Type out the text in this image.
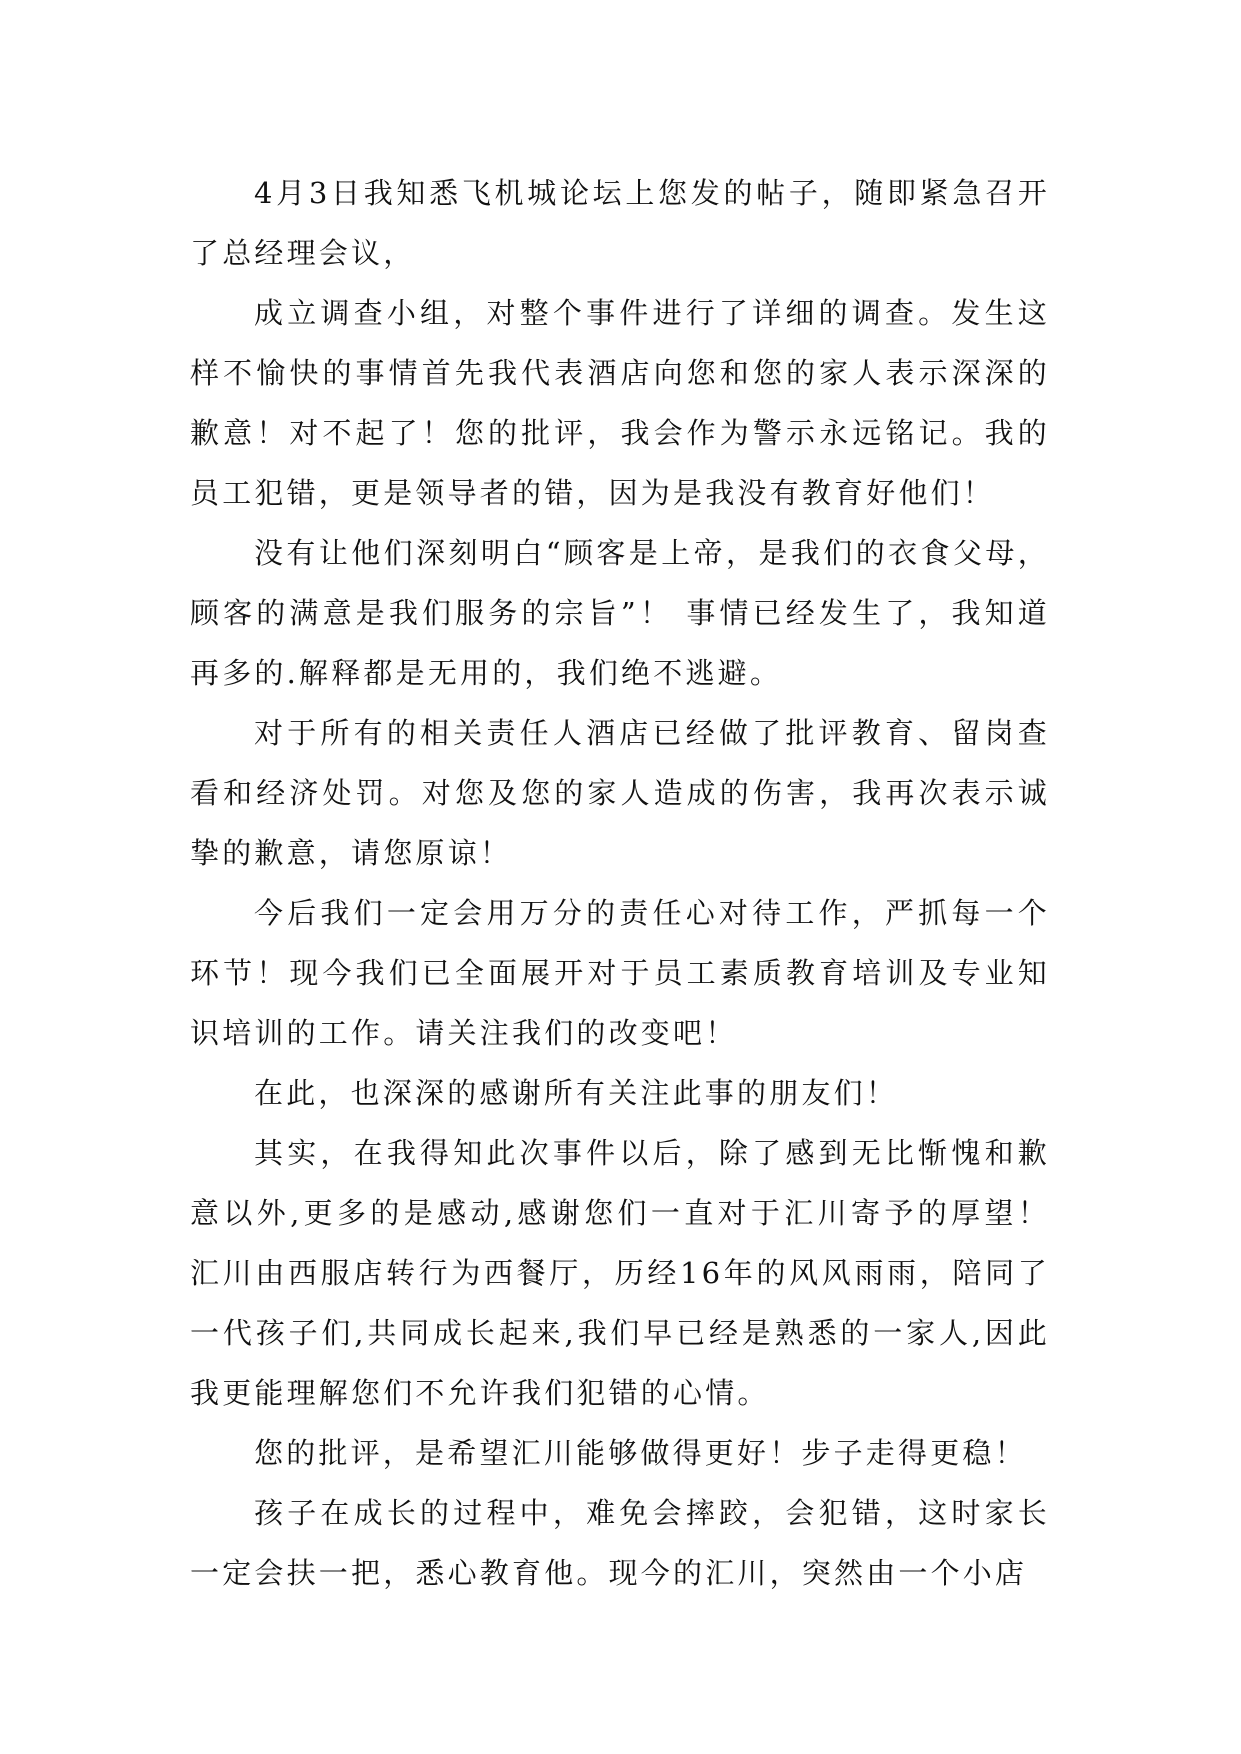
4月3日我知悉飞机城论坛上您发的帖子，随即紧急召开了总经理会议，

成立调查小组，对整个事件进行了详细的调查。发生这样不愉快的事情首先我代表酒店向您和您的家人表示深深的歉意！对不起了！您的批评，我会作为警示永远铭记。我的员工犯错，更是领导者的错，因为是我没有教育好他们！

没有让他们深刻明白“顾客是上帝，是我们的衣食父母，顾客的满意是我们服务的宗旨”！ 事情已经发生了，我知道再多的.解释都是无用的，我们绝不逃避。

对于所有的相关责任人酒店已经做了批评教育、留岗查看和经济处罚。对您及您的家人造成的伤害，我再次表示诚挚的歉意，请您原谅！

今后我们一定会用万分的责任心对待工作，严抓每一个环节！现今我们已全面展开对于员工素质教育培训及专业知识培训的工作。请关注我们的改变吧！

在此，也深深的感谢所有关注此事的朋友们！

其实，在我得知此次事件以后，除了感到无比惭愧和歉意以外,更多的是感动,感谢您们一直对于汇川寄予的厚望！汇川由西服店转行为西餐厅，历经16年的风风雨雨，陪同了一代孩子们,共同成长起来,我们早已经是熟悉的一家人,因此我更能理解您们不允许我们犯错的心情。

您的批评，是希望汇川能够做得更好！步子走得更稳！

孩子在成长的过程中，难免会摔跤，会犯错，这时家长一定会扶一把，悉心教育他。现今的汇川，突然由一个小店
